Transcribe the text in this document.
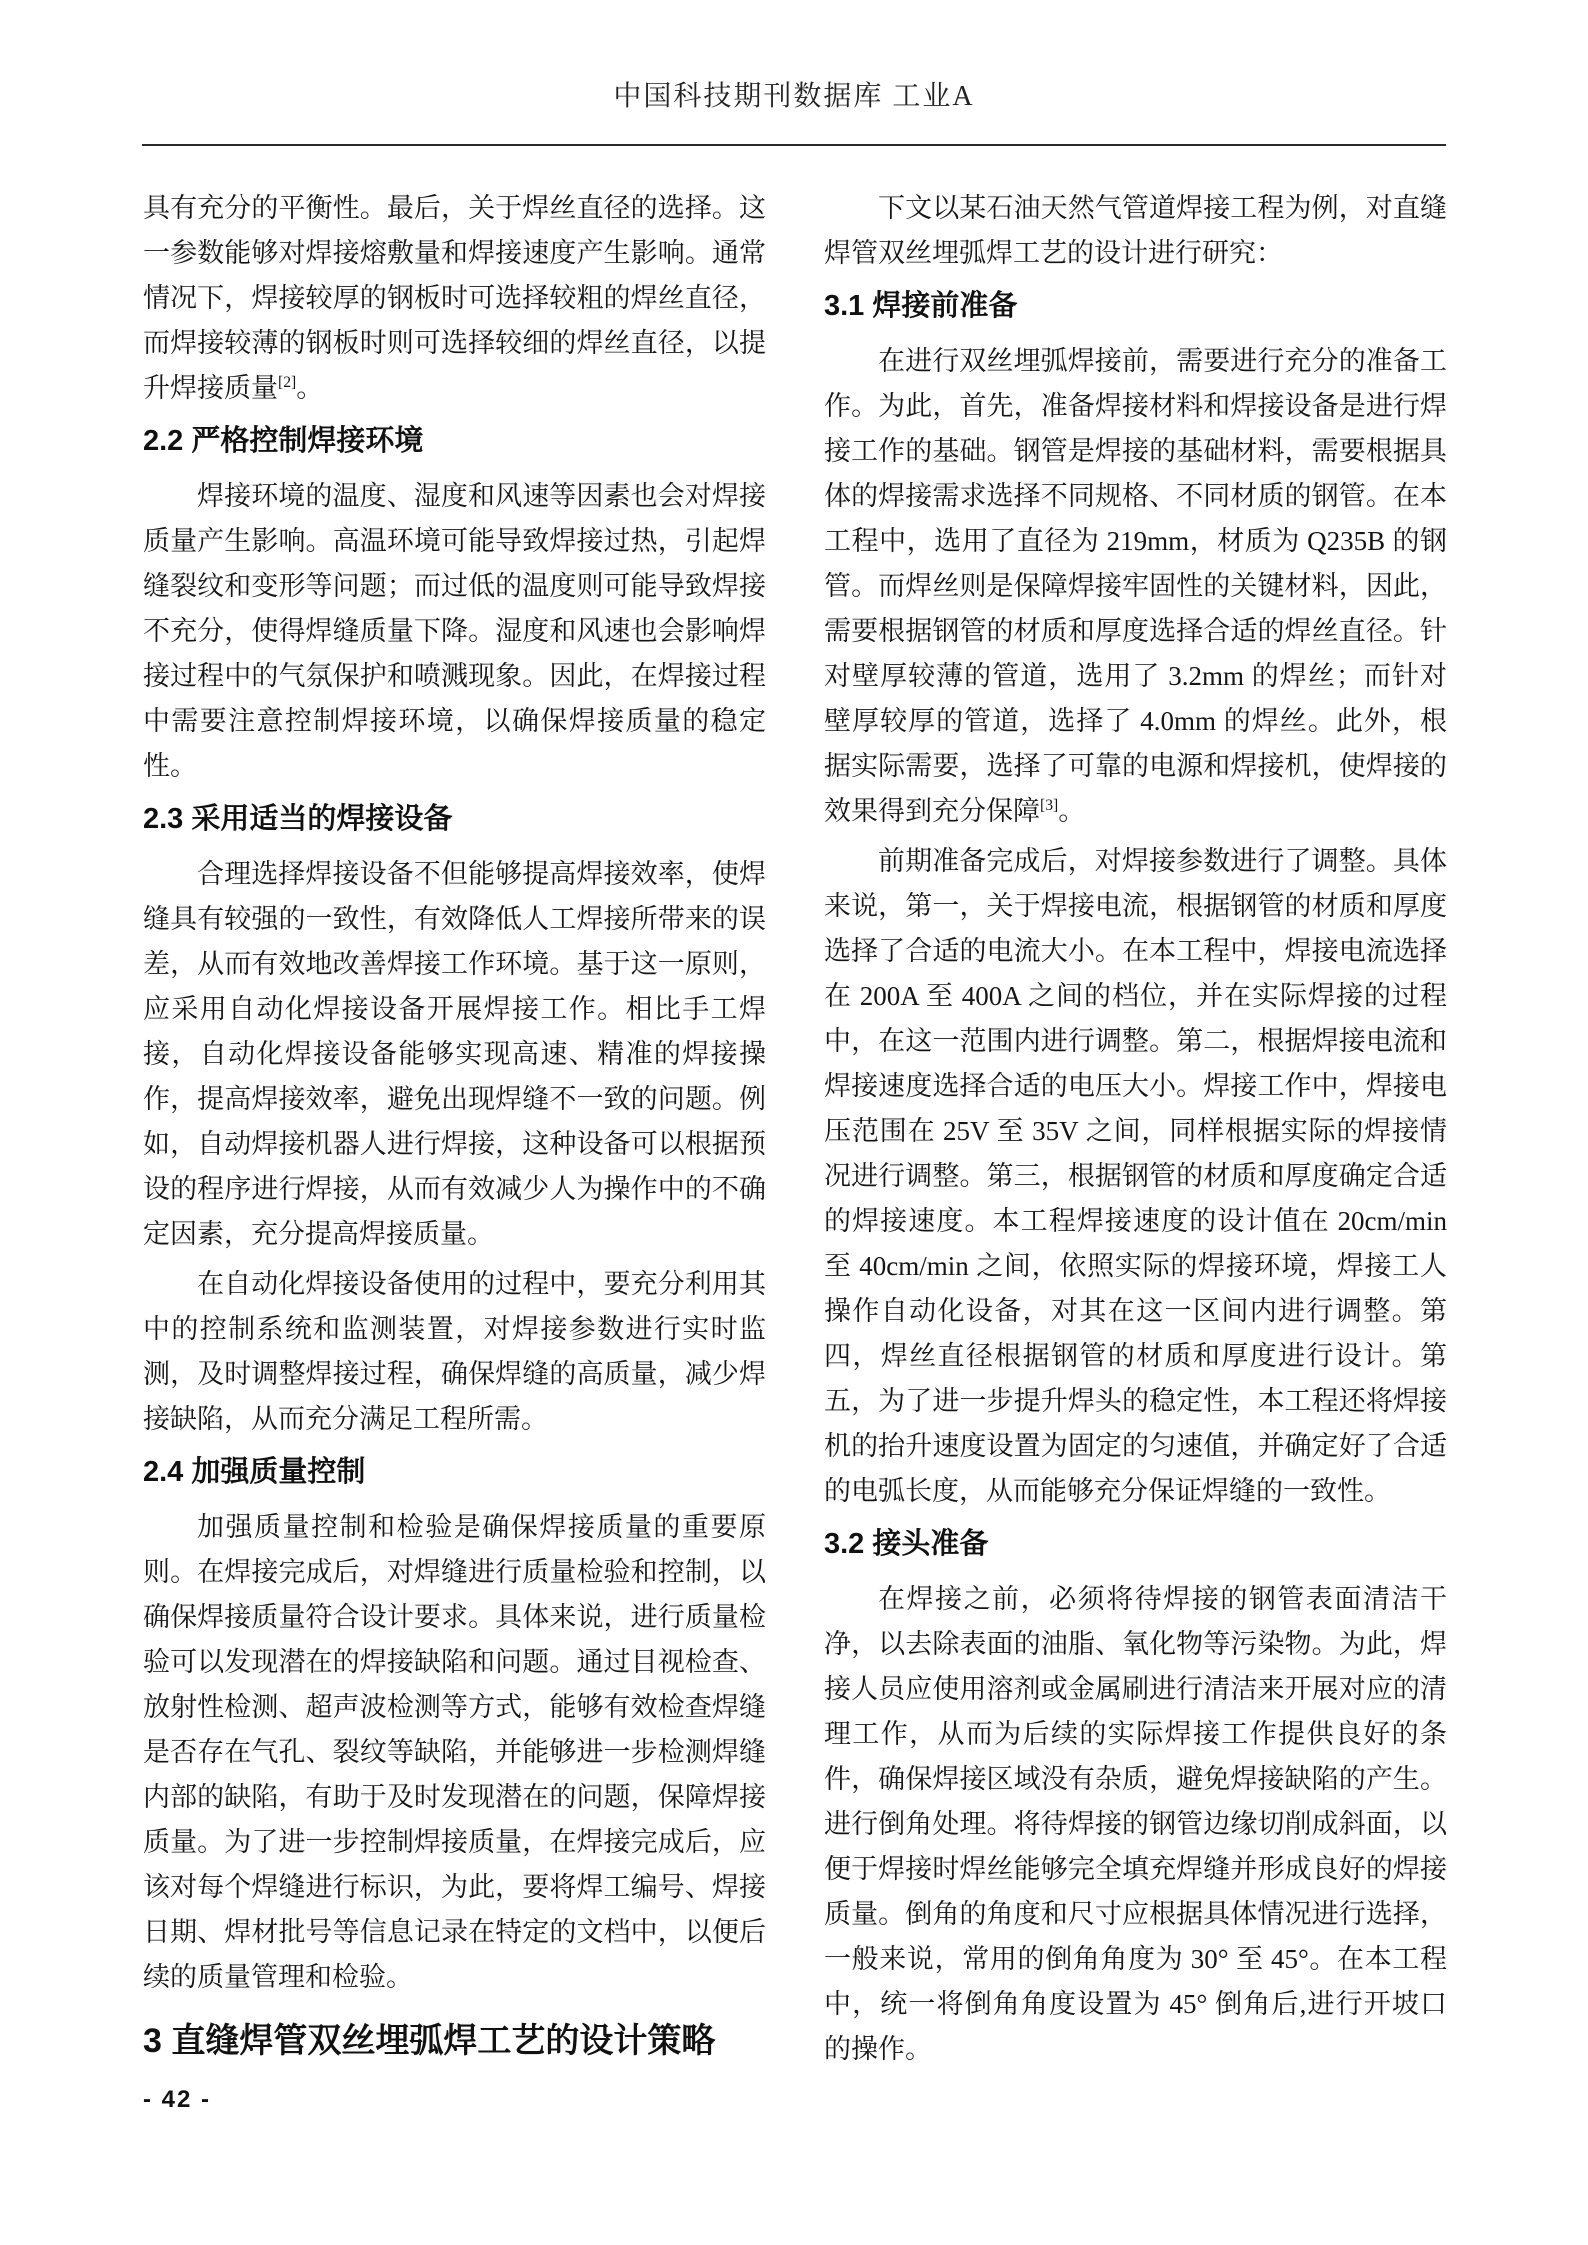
中国科技期刊数据库 工业A

具有充分的平衡性。最后，关于焊丝直径的选择。这一参数能够对焊接熔敷量和焊接速度产生影响。通常情况下，焊接较厚的钢板时可选择较粗的焊丝直径，而焊接较薄的钢板时则可选择较细的焊丝直径，以提升焊接质量[2]。

2.2 严格控制焊接环境

焊接环境的温度、湿度和风速等因素也会对焊接质量产生影响。高温环境可能导致焊接过热，引起焊缝裂纹和变形等问题；而过低的温度则可能导致焊接不充分，使得焊缝质量下降。湿度和风速也会影响焊接过程中的气氛保护和喷溅现象。因此，在焊接过程中需要注意控制焊接环境，以确保焊接质量的稳定性。

2.3 采用适当的焊接设备

合理选择焊接设备不但能够提高焊接效率，使焊缝具有较强的一致性，有效降低人工焊接所带来的误差，从而有效地改善焊接工作环境。基于这一原则，应采用自动化焊接设备开展焊接工作。相比手工焊接，自动化焊接设备能够实现高速、精准的焊接操作，提高焊接效率，避免出现焊缝不一致的问题。例如，自动焊接机器人进行焊接，这种设备可以根据预设的程序进行焊接，从而有效减少人为操作中的不确定因素，充分提高焊接质量。

在自动化焊接设备使用的过程中，要充分利用其中的控制系统和监测装置，对焊接参数进行实时监测，及时调整焊接过程，确保焊缝的高质量，减少焊接缺陷，从而充分满足工程所需。

2.4 加强质量控制

加强质量控制和检验是确保焊接质量的重要原则。在焊接完成后，对焊缝进行质量检验和控制，以确保焊接质量符合设计要求。具体来说，进行质量检验可以发现潜在的焊接缺陷和问题。通过目视检查、放射性检测、超声波检测等方式，能够有效检查焊缝是否存在气孔、裂纹等缺陷，并能够进一步检测焊缝内部的缺陷，有助于及时发现潜在的问题，保障焊接质量。为了进一步控制焊接质量，在焊接完成后，应该对每个焊缝进行标识，为此，要将焊工编号、焊接日期、焊材批号等信息记录在特定的文档中，以便后续的质量管理和检验。

3 直缝焊管双丝埋弧焊工艺的设计策略

下文以某石油天然气管道焊接工程为例，对直缝焊管双丝埋弧焊工艺的设计进行研究：

3.1 焊接前准备

在进行双丝埋弧焊接前，需要进行充分的准备工作。为此，首先，准备焊接材料和焊接设备是进行焊接工作的基础。钢管是焊接的基础材料，需要根据具体的焊接需求选择不同规格、不同材质的钢管。在本工程中，选用了直径为 219mm，材质为 Q235B 的钢管。而焊丝则是保障焊接牢固性的关键材料，因此，需要根据钢管的材质和厚度选择合适的焊丝直径。针对壁厚较薄的管道，选用了 3.2mm 的焊丝；而针对壁厚较厚的管道，选择了 4.0mm 的焊丝。此外，根据实际需要，选择了可靠的电源和焊接机，使焊接的效果得到充分保障[3]。

前期准备完成后，对焊接参数进行了调整。具体来说，第一，关于焊接电流，根据钢管的材质和厚度选择了合适的电流大小。在本工程中，焊接电流选择在 200A 至 400A 之间的档位，并在实际焊接的过程中，在这一范围内进行调整。第二，根据焊接电流和焊接速度选择合适的电压大小。焊接工作中，焊接电压范围在 25V 至 35V 之间，同样根据实际的焊接情况进行调整。第三，根据钢管的材质和厚度确定合适的焊接速度。本工程焊接速度的设计值在 20cm/min 至 40cm/min 之间，依照实际的焊接环境，焊接工人操作自动化设备，对其在这一区间内进行调整。第四，焊丝直径根据钢管的材质和厚度进行设计。第五，为了进一步提升焊头的稳定性，本工程还将焊接机的抬升速度设置为固定的匀速值，并确定好了合适的电弧长度，从而能够充分保证焊缝的一致性。

3.2 接头准备

在焊接之前，必须将待焊接的钢管表面清洁干净，以去除表面的油脂、氧化物等污染物。为此，焊接人员应使用溶剂或金属刷进行清洁来开展对应的清理工作，从而为后续的实际焊接工作提供良好的条件，确保焊接区域没有杂质，避免焊接缺陷的产生。进行倒角处理。将待焊接的钢管边缘切削成斜面，以便于焊接时焊丝能够完全填充焊缝并形成良好的焊接质量。倒角的角度和尺寸应根据具体情况进行选择，一般来说，常用的倒角角度为 30° 至 45°。在本工程中，统一将倒角角度设置为 45° 倒角后,进行开坡口的操作。

- 42 -
